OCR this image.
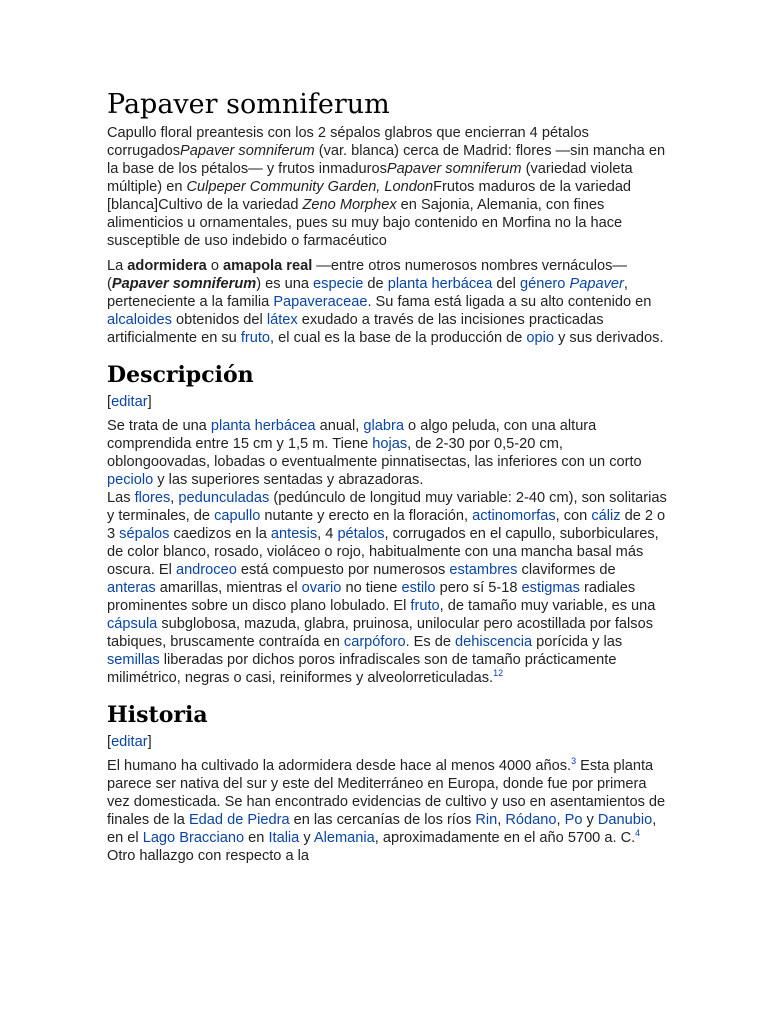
Papaver somniferum

Capullo floral preantesis con los 2 sépalos glabros que encierran 4 pétalos corrugadosPapaver somniferum (var. blanca) cerca de Madrid: flores —sin mancha en la base de los pétalos— y frutos inmadurosPapaver somniferum (variedad violeta múltiple) en Culpeper Community Garden, LondonFrutos maduros de la variedad [blanca]Cultivo de la variedad Zeno Morphex en Sajonia, Alemania, con fines alimenticios u ornamentales, pues su muy bajo contenido en Morfina no la hace susceptible de uso indebido o farmacéutico

La adormidera o amapola real —entre otros numerosos nombres vernáculos— (Papaver somniferum) es una especie de planta herbácea del género Papaver, perteneciente a la familia Papaveraceae. Su fama está ligada a su alto contenido en alcaloides obtenidos del látex exudado a través de las incisiones practicadas artificialmente en su fruto, el cual es la base de la producción de opio y sus derivados.

Descripción

[editar]

Se trata de una planta herbácea anual, glabra o algo peluda, con una altura comprendida entre 15 cm y 1,5 m. Tiene hojas, de 2-30 por 0,5-20 cm, oblongoovadas, lobadas o eventualmente pinnatisectas, las inferiores con un corto peciolo y las superiores sentadas y abrazadoras.

Las flores, pedunculadas (pedúnculo de longitud muy variable: 2-40 cm), son solitarias y terminales, de capullo nutante y erecto en la floración, actinomorfas, con cáliz de 2 o 3 sépalos caedizos en la antesis, 4 pétalos, corrugados en el capullo, suborbiculares, de color blanco, rosado, violáceo o rojo, habitualmente con una mancha basal más oscura. El androceo está compuesto por numerosos estambres claviformes de anteras amarillas, mientras el ovario no tiene estilo pero sí 5-18 estigmas radiales prominentes sobre un disco plano lobulado. El fruto, de tamaño muy variable, es una cápsula subglobosa, mazuda, glabra, pruinosa, unilocular pero acostillada por falsos tabiques, bruscamente contraída en carpóforo. Es de dehiscencia porícida y las semillas liberadas por dichos poros infradiscales son de tamaño prácticamente milimétrico, negras o casi, reiniformes y alveolorreticuladas.$^{12}$

Historia

[editar]

El humano ha cultivado la adormidera desde hace al menos 4000 años.$^3$ Esta planta parece ser nativa del sur y este del Mediterráneo en Europa, donde fue por primera vez domesticada. Se han encontrado evidencias de cultivo y uso en asentamientos de finales de la Edad de Piedra en las cercanías de los ríos Rin, Ródano, Po y Danubio, en el Lago Bracciano en Italia y Alemania, aproximadamente en el año 5700 a. C.$^4$ Otro hallazgo con respecto a la
